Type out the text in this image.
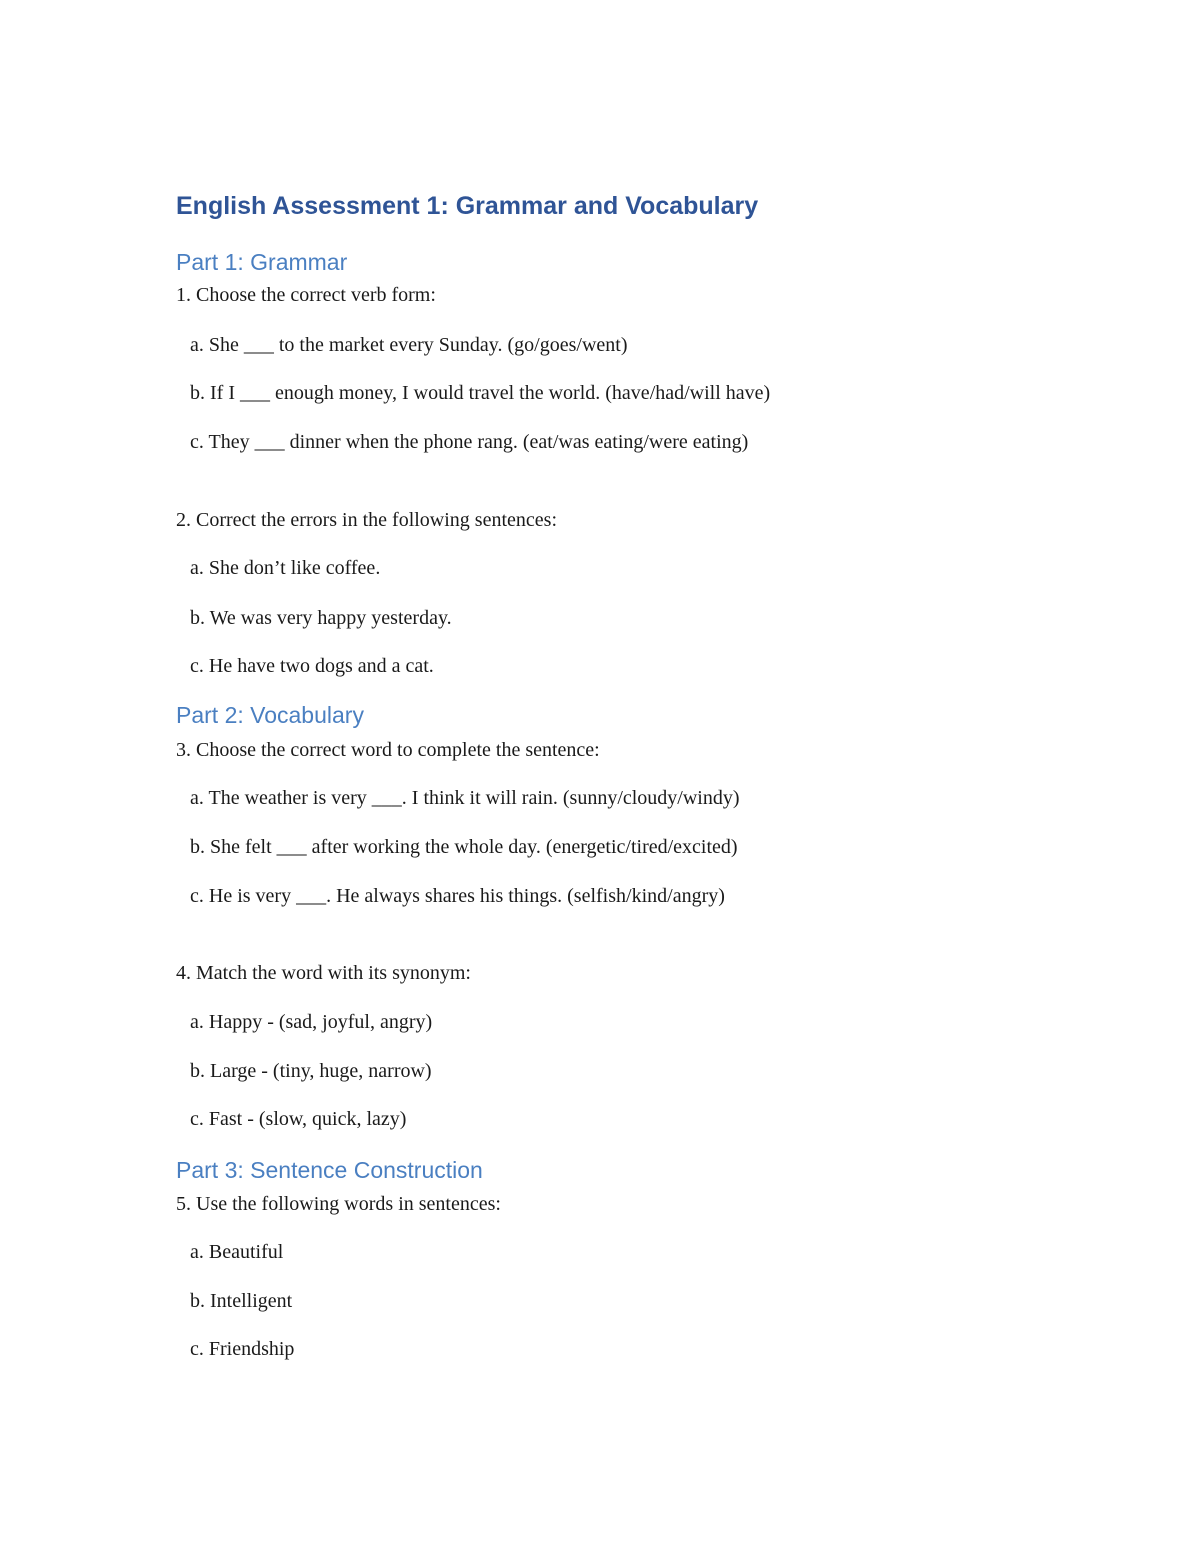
English Assessment 1: Grammar and Vocabulary
Part 1: Grammar
1. Choose the correct verb form:
a. She ___ to the market every Sunday. (go/goes/went)
b. If I ___ enough money, I would travel the world. (have/had/will have)
c. They ___ dinner when the phone rang. (eat/was eating/were eating)
2. Correct the errors in the following sentences:
a. She don’t like coffee.
b. We was very happy yesterday.
c. He have two dogs and a cat.
Part 2: Vocabulary
3. Choose the correct word to complete the sentence:
a. The weather is very ___. I think it will rain. (sunny/cloudy/windy)
b. She felt ___ after working the whole day. (energetic/tired/excited)
c. He is very ___. He always shares his things. (selfish/kind/angry)
4. Match the word with its synonym:
a. Happy - (sad, joyful, angry)
b. Large - (tiny, huge, narrow)
c. Fast - (slow, quick, lazy)
Part 3: Sentence Construction
5. Use the following words in sentences:
a. Beautiful
b. Intelligent
c. Friendship
